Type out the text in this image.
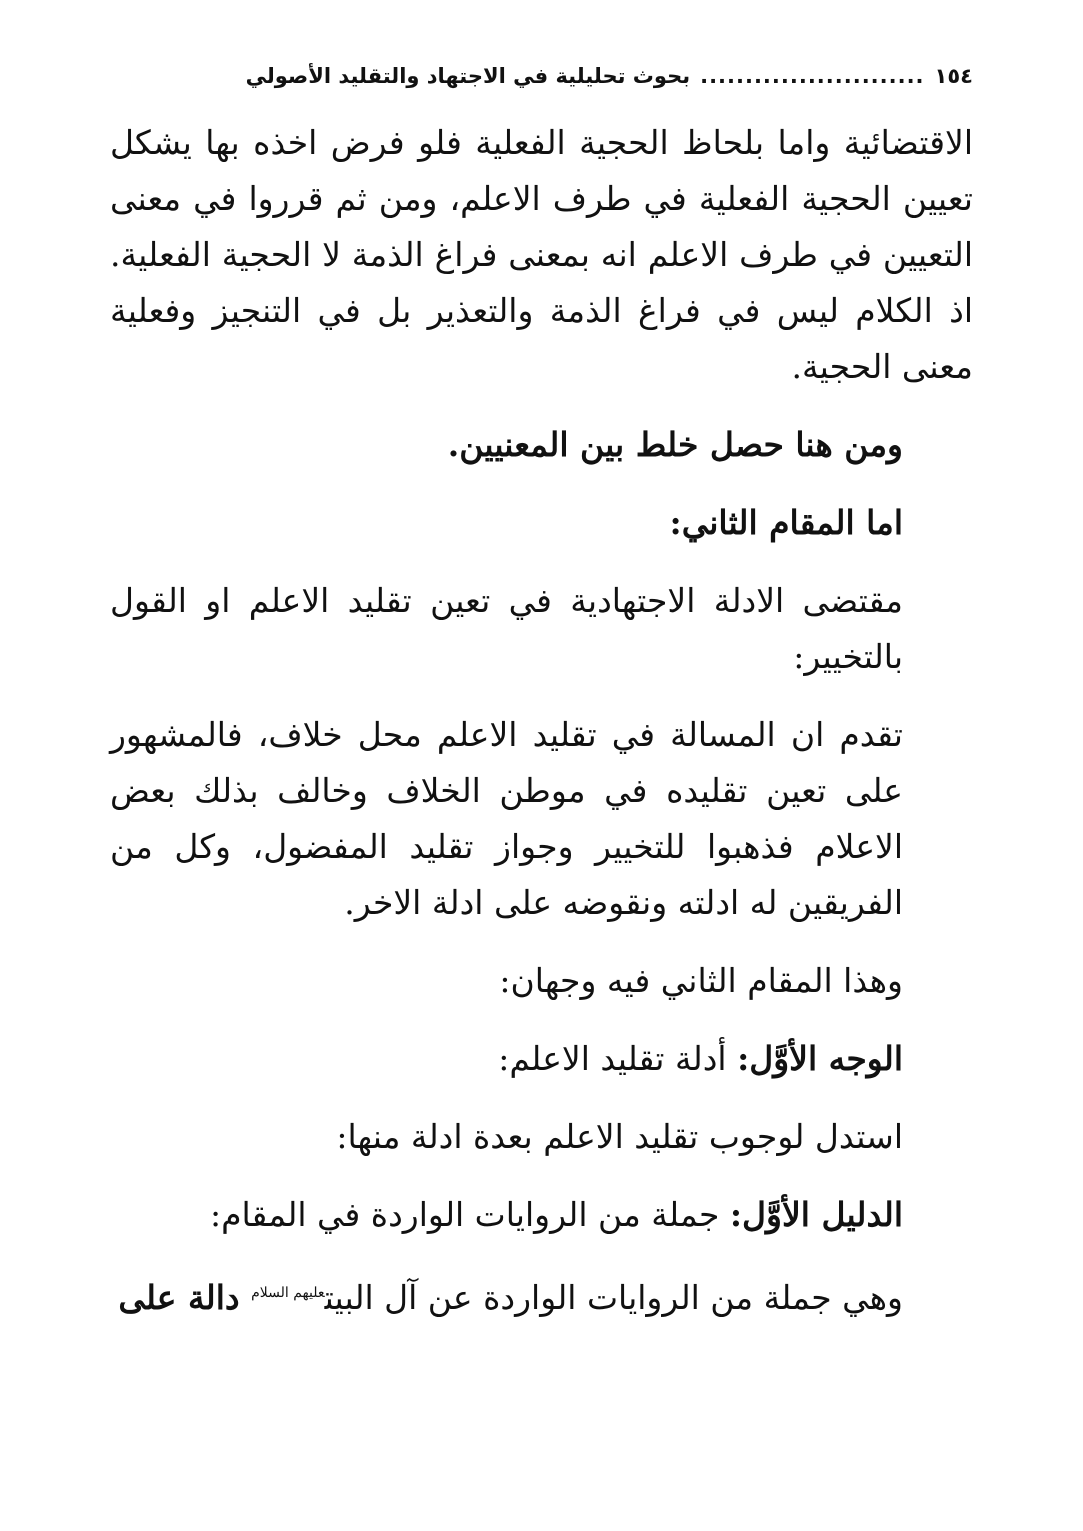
١٥٤
.........................
بحوث تحليلية في الاجتهاد والتقليد الأصولي

الاقتضائية واما بلحاظ الحجية الفعلية فلو فرض اخذه بها يشكل تعيين الحجية الفعلية في طرف الاعلم، ومن ثم قرروا في معنى التعيين في طرف الاعلم انه بمعنى فراغ الذمة لا الحجية الفعلية. اذ الكلام ليس في فراغ الذمة والتعذير بل في التنجيز وفعلية معنى الحجية.

ومن هنا حصل خلط بين المعنيين.

اما المقام الثاني:

مقتضى الادلة الاجتهادية في تعين تقليد الاعلم او القول بالتخيير:

تقدم ان المسالة في تقليد الاعلم محل خلاف، فالمشهور على تعين تقليده في موطن الخلاف وخالف بذلك بعض الاعلام فذهبوا للتخيير وجواز تقليد المفضول، وكل من الفريقين له ادلته ونقوضه على ادلة الاخر.

وهذا المقام الثاني فيه وجهان:

الوجه الأوَّل: أدلة تقليد الاعلم:

استدل لوجوب تقليد الاعلم بعدة ادلة منها:

الدليل الأوَّل: جملة من الروايات الواردة في المقام:

وهي جملة من الروايات الواردة عن آل البيت$^{عليهم السلام}$ دالة على
